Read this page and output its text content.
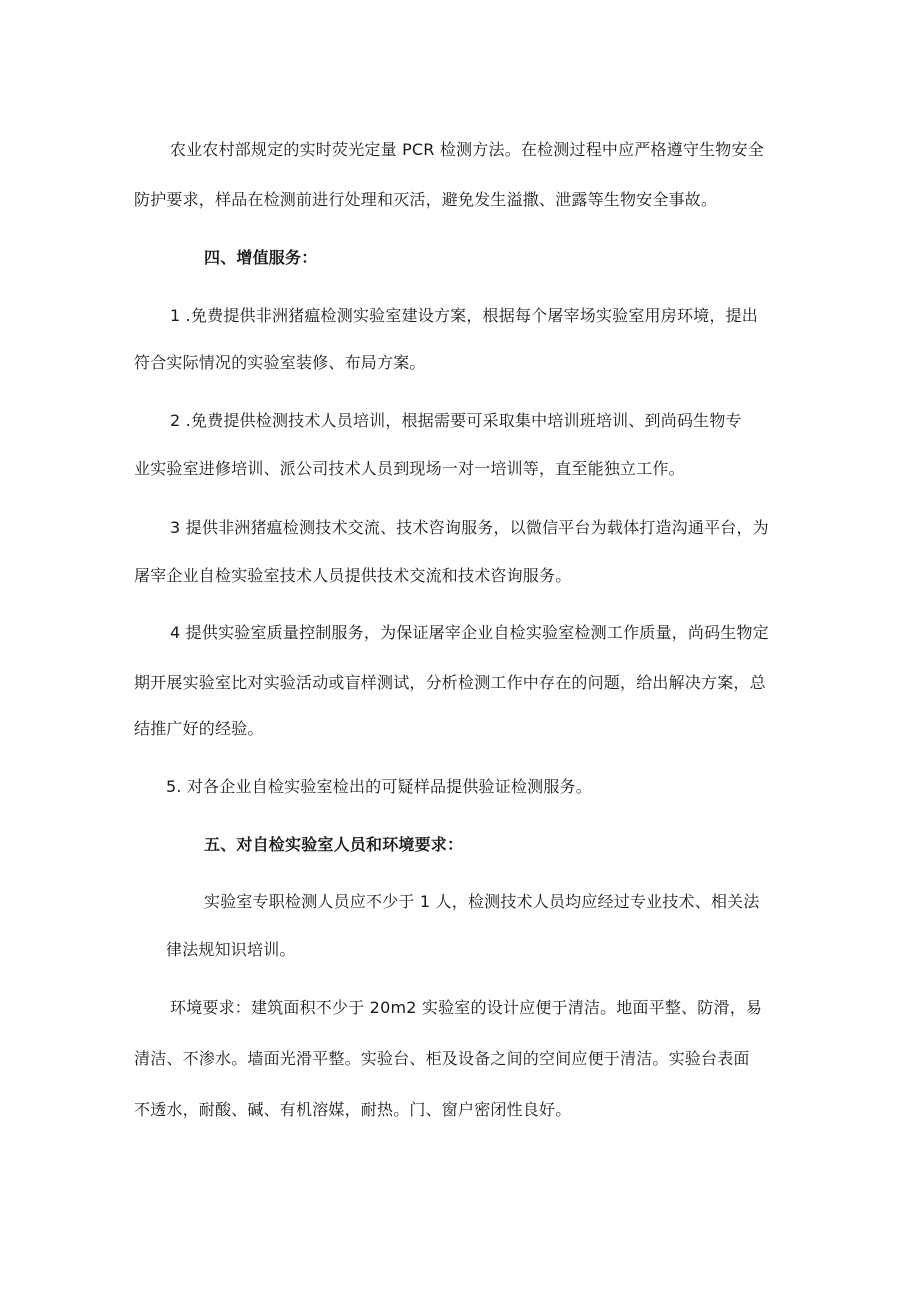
农业农村部规定的实时荧光定量 PCR 检测方法。在检测过程中应严格遵守生物安全
防护要求，样品在检测前进行处理和灭活，避免发生溢撒、泄露等生物安全事故。
四、增值服务：
1 .免费提供非洲猪瘟检测实验室建设方案，根据每个屠宰场实验室用房环境，提出
符合实际情况的实验室装修、布局方案。
2 .免费提供检测技术人员培训，根据需要可采取集中培训班培训、到尚码生物专
业实验室进修培训、派公司技术人员到现场一对一培训等，直至能独立工作。
3 提供非洲猪瘟检测技术交流、技术咨询服务，以微信平台为载体打造沟通平台，为
屠宰企业自检实验室技术人员提供技术交流和技术咨询服务。
4 提供实验室质量控制服务，为保证屠宰企业自检实验室检测工作质量，尚码生物定
期开展实验室比对实验活动或盲样测试，分析检测工作中存在的问题，给出解决方案，总
结推广好的经验。
5. 对各企业自检实验室检出的可疑样品提供验证检测服务。
五、对自检实验室人员和环境要求：
实验室专职检测人员应不少于 1 人，检测技术人员均应经过专业技术、相关法
律法规知识培训。
环境要求：建筑面积不少于 20m2 实验室的设计应便于清洁。地面平整、防滑，易
清洁、不渗水。墙面光滑平整。实验台、柜及设备之间的空间应便于清洁。实验台表面
不透水，耐酸、碱、有机溶媒，耐热。门、窗户密闭性良好。
